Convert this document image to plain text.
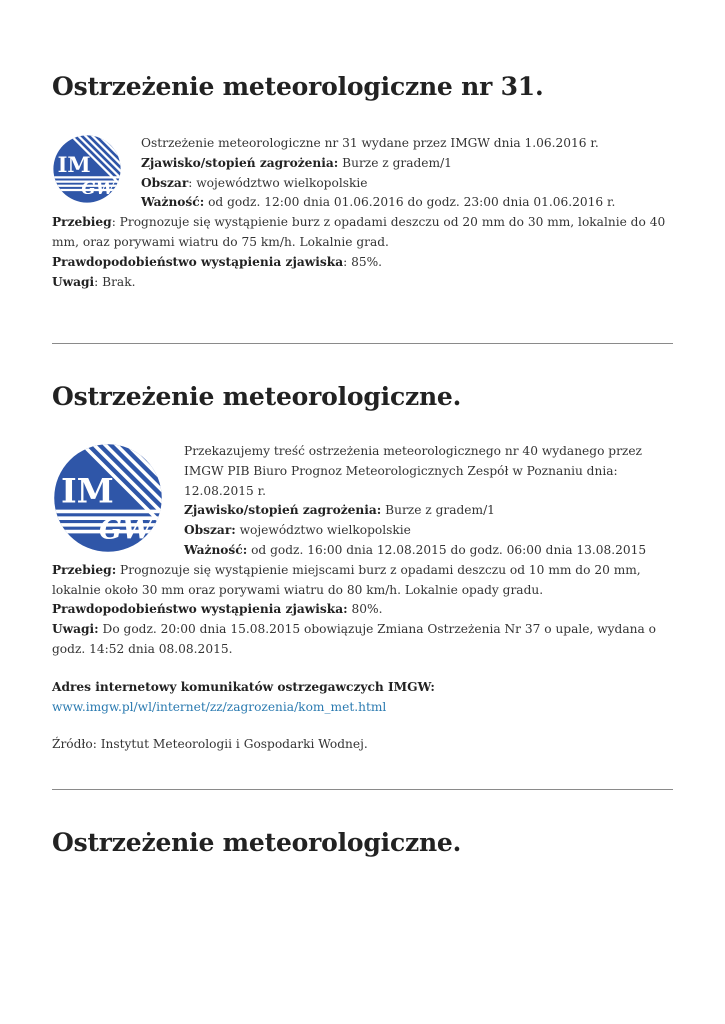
Ostrzeżenie meteorologiczne nr 31.
IM
GW

Ostrzeżenie meteorologiczne nr 31 wydane przez IMGW dnia 1.06.2016 r.

Zjawisko/stopień zagrożenia: Burze z gradem/1

Obszar: województwo wielkopolskie

Ważność: od godz. 12:00 dnia 01.06.2016 do godz. 23:00 dnia 01.06.2016 r.

Przebieg: Prognozuje się wystąpienie burz z opadami deszczu od 20 mm do 30 mm, lokalnie do 40 mm, oraz porywami wiatru do 75 km/h. Lokalnie grad.

Prawdopodobieństwo wystąpienia zjawiska: 85%.

Uwagi: Brak.

Ostrzeżenie meteorologiczne.
IM
GW

Przekazujemy treść ostrzeżenia meteorologicznego nr 40 wydanego przez IMGW PIB Biuro Prognoz Meteorologicznych Zespół w Poznaniu dnia: 12.08.2015 r.

Zjawisko/stopień zagrożenia: Burze z gradem/1

Obszar: województwo wielkopolskie

Ważność: od godz. 16:00 dnia 12.08.2015 do godz. 06:00 dnia 13.08.2015

Przebieg: Prognozuje się wystąpienie miejscami burz z opadami deszczu od 10 mm do 20 mm, lokalnie około 30 mm oraz porywami wiatru do 80 km/h. Lokalnie opady gradu.

Prawdopodobieństwo wystąpienia zjawiska: 80%.

Uwagi: Do godz. 20:00 dnia 15.08.2015 obowiązuje Zmiana Ostrzeżenia Nr 37 o upale, wydana o godz. 14:52 dnia 08.08.2015.

Adres internetowy komunikatów ostrzegawczych IMGW:

www.imgw.pl/wl/internet/zz/zagrozenia/kom_met.html

Źródło: Instytut Meteorologii i Gospodarki Wodnej.

Ostrzeżenie meteorologiczne.
